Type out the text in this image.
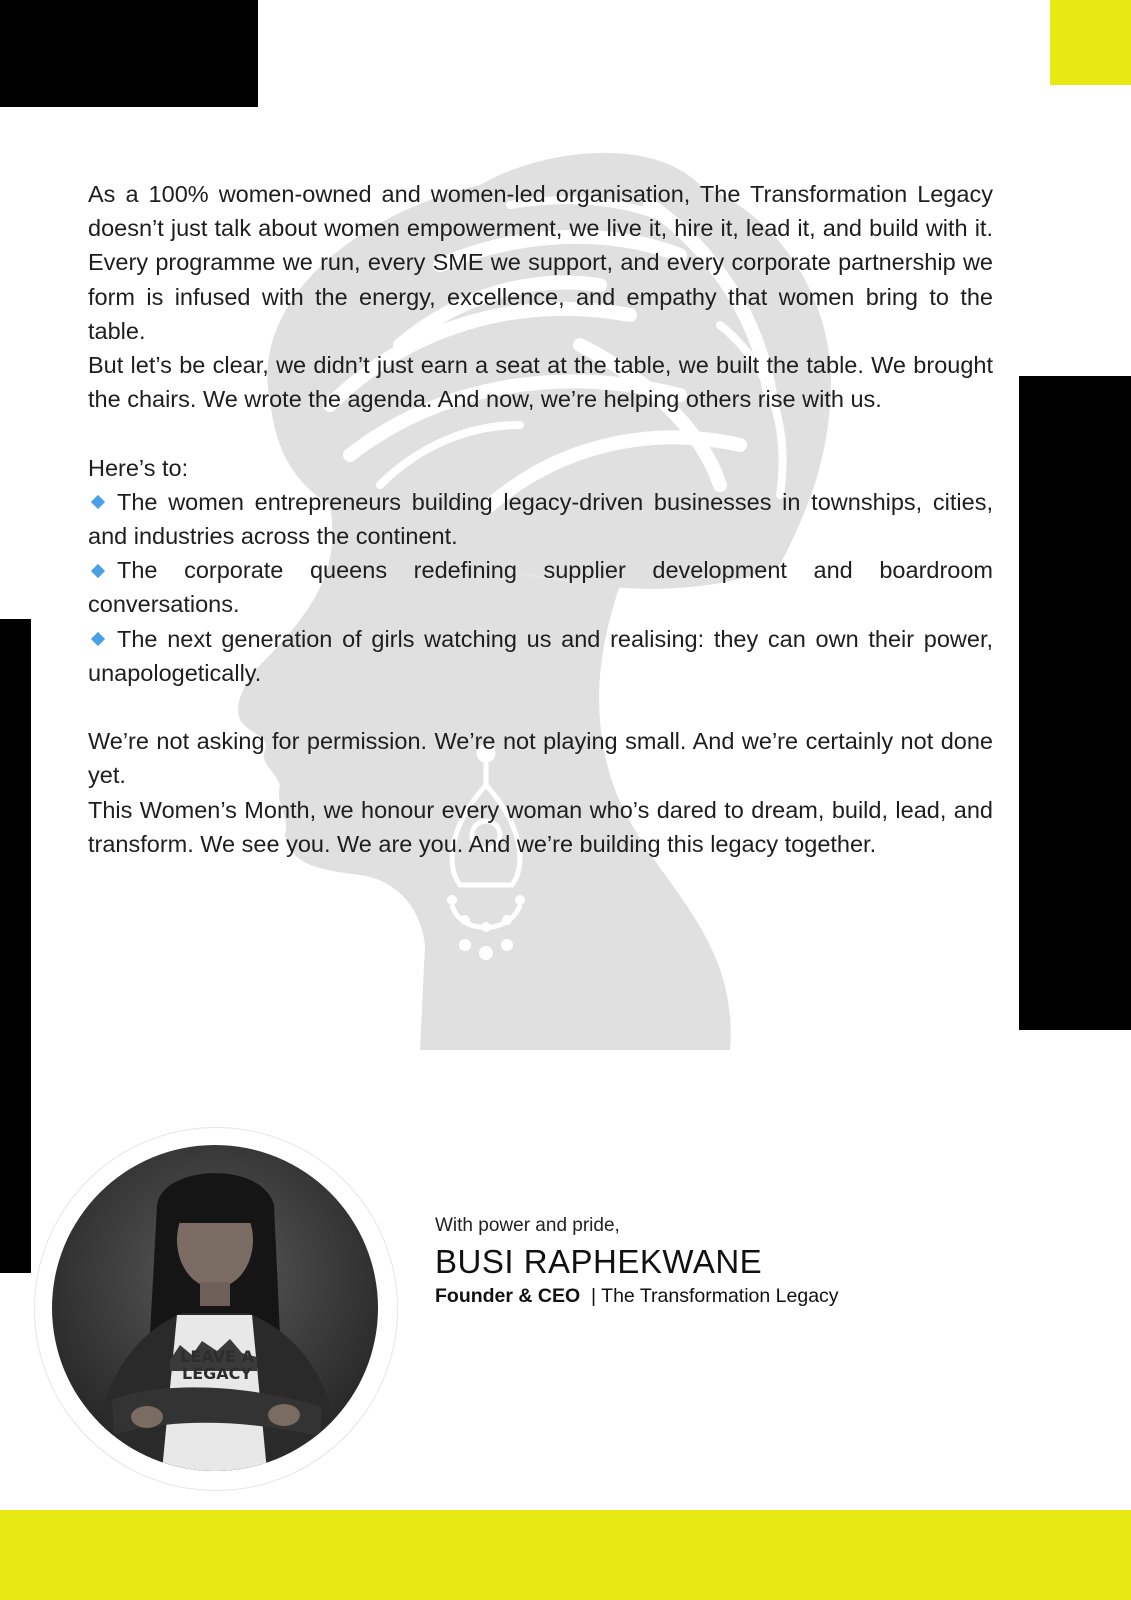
As a 100% women-owned and women-led organisation, The Transformation Legacy doesn’t just talk about women empowerment, we live it, hire it, lead it, and build with it. Every programme we run, every SME we support, and every corporate partnership we form is infused with the energy, excellence, and empathy that women bring to the table.

But let’s be clear, we didn’t just earn a seat at the table, we built the table. We brought the chairs. We wrote the agenda. And now, we’re helping others rise with us.

Here’s to:

The women entrepreneurs building legacy-driven businesses in townships, cities, and industries across the continent.

The corporate queens redefining supplier development and boardroom conversations.

The next generation of girls watching us and realising: they can own their power, unapologetically.

We’re not asking for permission. We’re not playing small. And we’re certainly not done yet.

This Women’s Month, we honour every woman who’s dared to dream, build, lead, and transform. We see you. We are you. And we’re building this legacy together.

LEAVE A
LEGACY
With power and pride,
BUSI RAPHEKWANE
Founder & CEO | The Transformation Legacy
